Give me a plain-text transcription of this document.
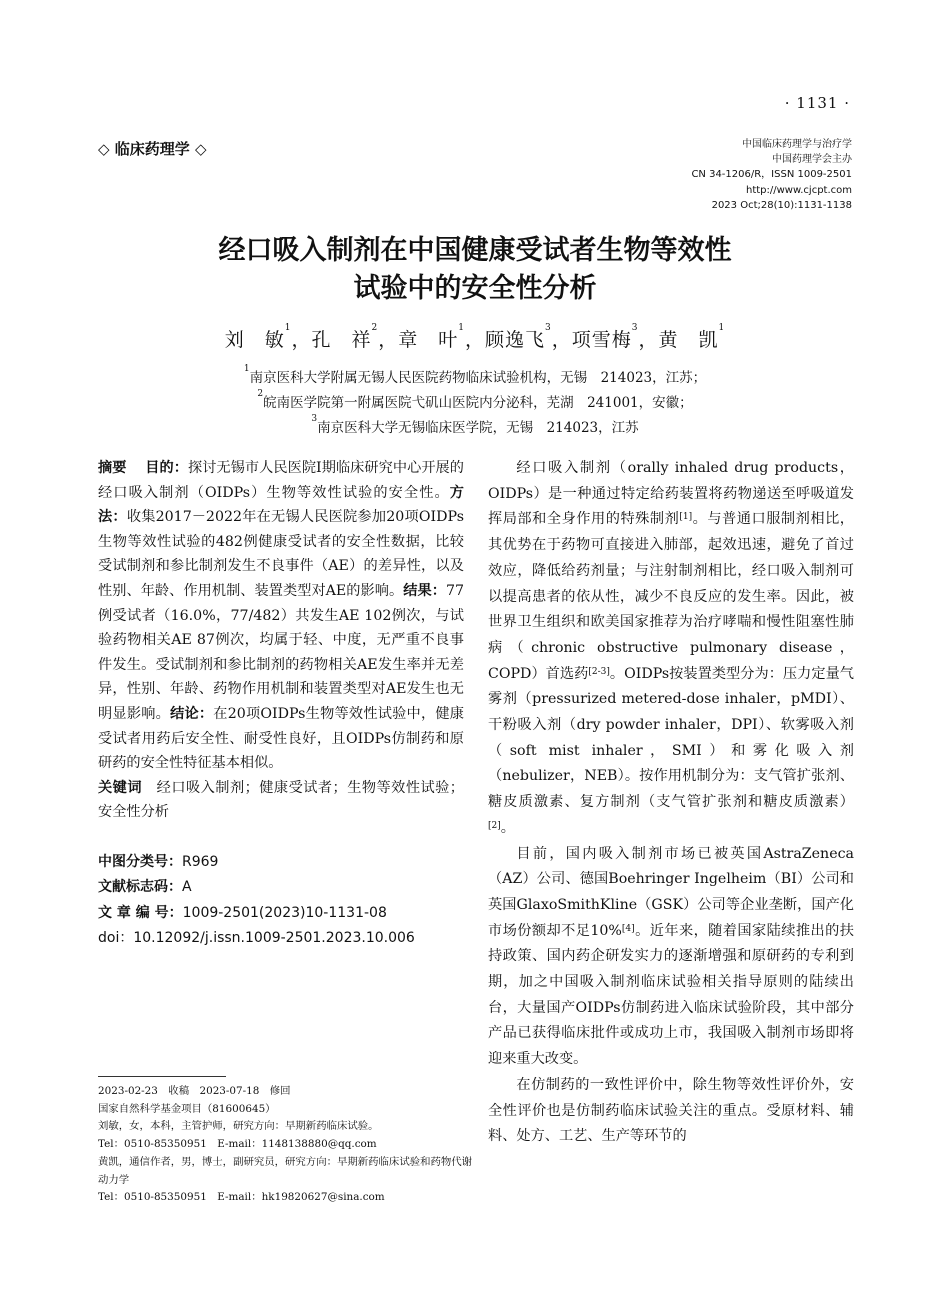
· 1131 ·
◇ 临床药理学 ◇	中国临床药理学与治疗学
中国药理学会主办
CN 34-1206/R，ISSN 1009-2501
http://www.cjcpt.com
2023 Oct;28(10):1131-1138
经口吸入制剂在中国健康受试者生物等效性
试验中的安全性分析
刘　敏$^1$，孔　祥$^2$，章　叶$^1$，顾逸飞$^3$，项雪梅$^3$，黄　凯$^1$
$^1$南京医科大学附属无锡人民医院药物临床试验机构，无锡　214023，江苏；
$^2$皖南医学院第一附属医院弋矶山医院内分泌科，芜湖　241001，安徽；
$^3$南京医科大学无锡临床医学院，无锡　214023，江苏

摘要　 目的：探讨无锡市人民医院Ⅰ期临床研究中心开展的经口吸入制剂（OIDPs）生物等效性试验的安全性。方法：收集2017－2022年在无锡人民医院参加20项OIDPs生物等效性试验的482例健康受试者的安全性数据，比较受试制剂和参比制剂发生不良事件（AE）的差异性，以及性别、年龄、作用机制、装置类型对AE的影响。结果：77例受试者（16.0%，77/482）共发生AE 102例次，与试验药物相关AE 87例次，均属于轻、中度，无严重不良事件发生。受试制剂和参比制剂的药物相关AE发生率并无差异，性别、年龄、药物作用机制和装置类型对AE发生也无明显影响。结论：在20项OIDPs生物等效性试验中，健康受试者用药后安全性、耐受性良好，且OIDPs仿制药和原研药的安全性特征基本相似。

关键词　 经口吸入制剂；健康受试者；生物等效性试验；安全性分析

中图分类号：R969
文献标志码：A
文 章 编 号：1009-2501(2023)10-1131-08
doi：10.12092/j.issn.1009-2501.2023.10.006
2023-02-23　收稿　2023-07-18　修回
国家自然科学基金项目（81600645）
刘敏，女，本科，主管护师，研究方向：早期新药临床试验。
Tel：0510-85350951　E-mail：1148138880@qq.com
黄凯，通信作者，男，博士，副研究员，研究方向：早期新药临床试验和药物代谢动力学
Tel：0510-85350951　E-mail：hk19820627@sina.com

经口吸入制剂（orally inhaled drug products，OIDPs）是一种通过特定给药装置将药物递送至呼吸道发挥局部和全身作用的特殊制剂[1]。与普通口服制剂相比，其优势在于药物可直接进入肺部，起效迅速，避免了首过效应，降低给药剂量；与注射制剂相比，经口吸入制剂可以提高患者的依从性，减少不良反应的发生率。因此，被世界卫生组织和欧美国家推荐为治疗哮喘和慢性阻塞性肺病（chronic obstructive pulmonary disease，COPD）首选药[2-3]。OIDPs按装置类型分为：压力定量气雾剂（pressurized metered-dose inhaler，pMDI）、干粉吸入剂（dry powder inhaler，DPI）、软雾吸入剂（soft mist inhaler，SMI）和雾化吸入剂（nebulizer，NEB）。按作用机制分为：支气管扩张剂、糖皮质激素、复方制剂（支气管扩张剂和糖皮质激素）[2]。

目前，国内吸入制剂市场已被英国AstraZeneca（AZ）公司、德国Boehringer Ingelheim（BI）公司和英国GlaxoSmithKline（GSK）公司等企业垄断，国产化市场份额却不足10%[4]。近年来，随着国家陆续推出的扶持政策、国内药企研发实力的逐渐增强和原研药的专利到期，加之中国吸入制剂临床试验相关指导原则的陆续出台，大量国产OIDPs仿制药进入临床试验阶段，其中部分产品已获得临床批件或成功上市，我国吸入制剂市场即将迎来重大改变。

在仿制药的一致性评价中，除生物等效性评价外，安全性评价也是仿制药临床试验关注的重点。受原材料、辅料、处方、工艺、生产等环节的
